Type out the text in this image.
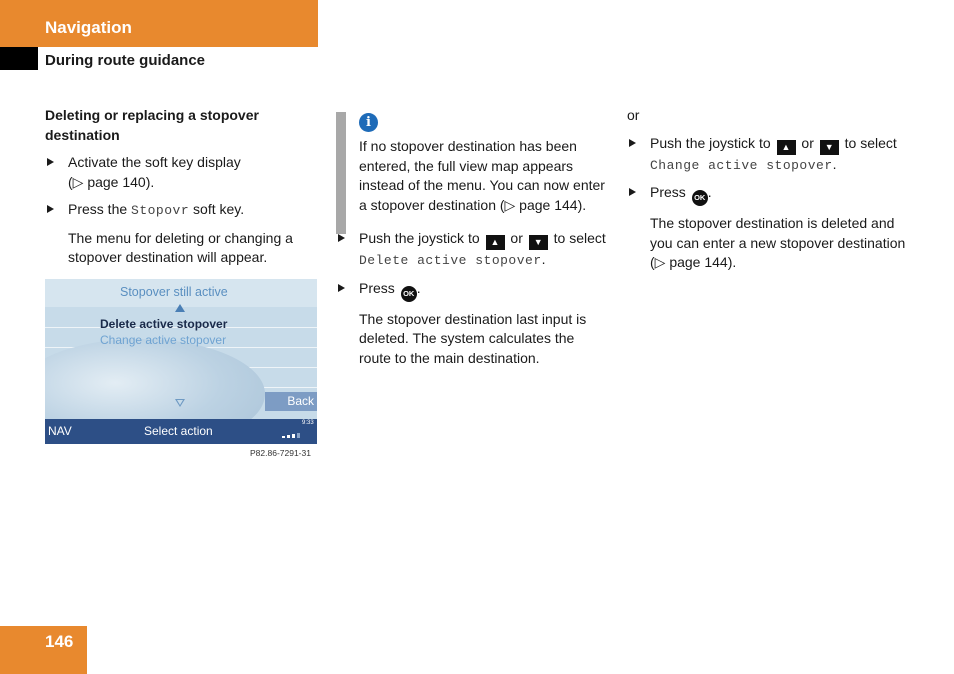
Navigation
During route guidance
Deleting or replacing a stopover destination
Activate the soft key display
(▷ page 140).
Press the Stopovr soft key.
The menu for deleting or changing a stopover destination will appear.
Stopover still active
Delete active stopover
Change active stopover
Back
NAV	Select action
9:33
P82.86-7291-31
i
If no stopover destination has been entered, the full view map appears instead of the menu. You can now enter a stopover destination (▷ page 144).
Push the joystick to ▲ or ▼ to select Delete active stopover.
Press OK .
The stopover destination last input is deleted. The system calculates the route to the main destination.
or
Push the joystick to ▲ or ▼ to select Change active stopover.
Press OK .
The stopover destination is deleted and you can enter a new stopover destination (▷ page 144).
146
